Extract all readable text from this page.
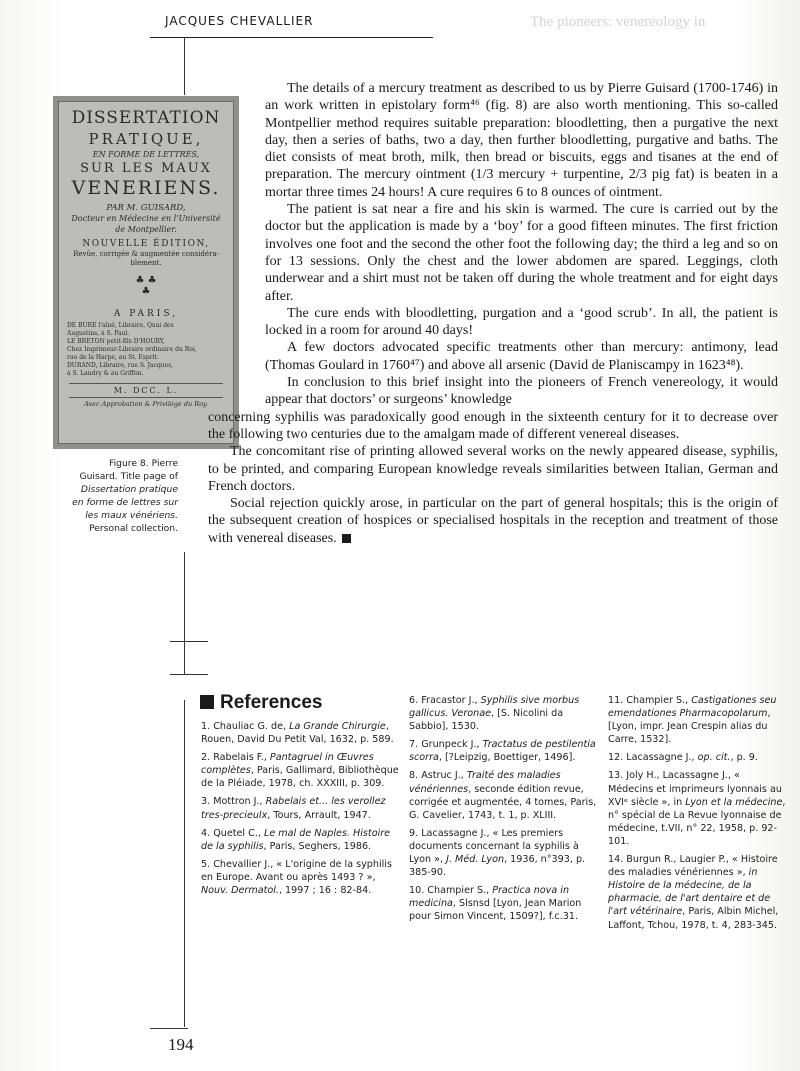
The pioneers: venereology in
JACQUES CHEVALLIER
DISSERTATION
PRATIQUE,
EN FORME DE LETTRES,
SUR LES MAUX
VENERIENS.
PAR M. GUISARD,
Docteur en Médecine en l'Université
de Montpellier.
NOUVELLE ÉDITION,
Revûe, corrigée & augmentée considéra-
blement.
♣ ♣
♣
A PARIS,
DE BURE l'aîné, Libraire, Quai des
Augustins, à S. Paul.
LE BRETON petit-fils D'HOURY,
Chez Imprimeur-Libraire ordinaire du Roi,
rue de la Harpe, au St. Esprit.
DURAND, Libraire, rue S. Jacques,
à S. Landry & au Griffon.
M. DCC. L.
Avec Approbation & Privilége du Roy.
Figure 8. Pierre
Guisard. Title page of
Dissertation pratique
en forme de lettres sur
les maux vénériens.
Personal collection.

The details of a mercury treatment as described to us by Pierre Guisard (1700-1746) in an work written in epistolary form⁴⁶ (fig. 8) are also worth mentioning. This so-called Montpellier method requires suitable preparation: bloodletting, then a purgative the next day, then a series of baths, two a day, then further bloodletting, purgative and baths. The diet consists of meat broth, milk, then bread or biscuits, eggs and tisanes at the end of preparation. The mercury ointment (1/3 mercury + turpentine, 2/3 pig fat) is beaten in a mortar three times 24 hours! A cure requires 6 to 8 ounces of ointment.

The patient is sat near a fire and his skin is warmed. The cure is carried out by the doctor but the application is made by a ‘boy’ for a good fifteen minutes. The first friction involves one foot and the second the other foot the following day; the third a leg and so on for 13 sessions. Only the chest and the lower abdomen are spared. Leggings, cloth underwear and a shirt must not be taken off during the whole treatment and for eight days after.

The cure ends with bloodletting, purgation and a ‘good scrub’. In all, the patient is locked in a room for around 40 days!

A few doctors advocated specific treatments other than mercury: antimony, lead (Thomas Goulard in 1760⁴⁷) and above all arsenic (David de Planiscampy in 1623⁴⁸).

In conclusion to this brief insight into the pioneers of French venereology, it would appear that doctors’ or surgeons’ knowledge

concerning syphilis was paradoxically good enough in the sixteenth century for it to decrease over the following two centuries due to the amalgam made of different venereal diseases.

The concomitant rise of printing allowed several works on the newly appeared disease, syphilis, to be printed, and comparing European knowledge reveals similarities between Italian, German and French doctors.

Social rejection quickly arose, in particular on the part of general hospitals; this is the origin of the subsequent creation of hospices or specialised hospitals in the reception and treatment of those with venereal diseases.

References
1. Chauliac G. de, La Grande Chirurgie, Rouen, David Du Petit Val, 1632, p. 589.
2. Rabelais F., Pantagruel in Œuvres complètes, Paris, Gallimard, Bibliothèque de la Pléiade, 1978, ch. XXXIII, p. 309.
3. Mottron J., Rabelais et... les verollez tres-precieulx, Tours, Arrault, 1947.
4. Quetel C., Le mal de Naples. Histoire de la syphilis, Paris, Seghers, 1986.
5. Chevallier J., « L'origine de la syphilis en Europe. Avant ou après 1493 ? », Nouv. Dermatol., 1997 ; 16 : 82-84.
6. Fracastor J., Syphilis sive morbus gallicus. Veronae, [S. Nicolini da Sabbio], 1530.
7. Grunpeck J., Tractatus de pestilentia scorra, [?Leipzig, Boettiger, 1496].
8. Astruc J., Traité des maladies vénériennes, seconde édition revue, corrigée et augmentée, 4 tomes, Paris, G. Cavelier, 1743, t. 1, p. XLIII.
9. Lacassagne J., « Les premiers documents concernant la syphilis à Lyon », J. Méd. Lyon, 1936, n°393, p. 385-90.
10. Champier S., Practica nova in medicina, Slsnsd [Lyon, Jean Marion pour Simon Vincent, 1509?], f.c.31.
11. Champier S., Castigationes seu emendationes Pharmacopolarum, [Lyon, impr. Jean Crespin alias du Carre, 1532].
12. Lacassagne J., op. cit., p. 9.
13. Joly H., Lacassagne J., « Médecins et imprimeurs lyonnais au XVIᵉ siècle », in Lyon et la médecine, n° spécial de La Revue lyonnaise de médecine, t.VII, n° 22, 1958, p. 92-101.
14. Burgun R., Laugier P., « Histoire des maladies vénériennes », in Histoire de la médecine, de la pharmacie, de l'art dentaire et de l'art vétérinaire, Paris, Albin Michel, Laffont, Tchou, 1978, t. 4, 283-345.
194
